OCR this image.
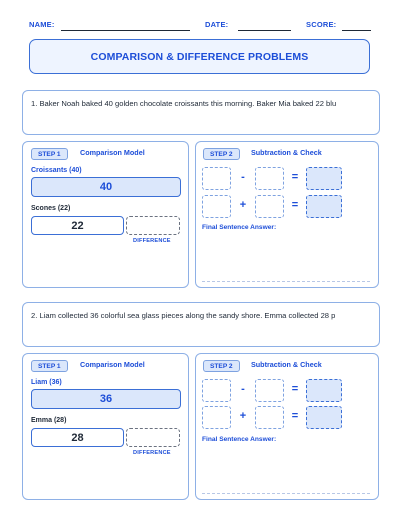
NAME:	DATE:	SCORE:
COMPARISON & DIFFERENCE PROBLEMS
1. Baker Noah baked 40 golden chocolate croissants this morning. Baker Mia baked 22 blu
STEP 1	Comparison Model
Croissants (40)
40
Scones (22)
22
DIFFERENCE
STEP 2	Subtraction & Check
-	=
+	=
Final Sentence Answer:
2. Liam collected 36 colorful sea glass pieces along the sandy shore. Emma collected 28 p
STEP 1	Comparison Model
Liam (36)
36
Emma (28)
28
DIFFERENCE
STEP 2	Subtraction & Check
-	=
+	=
Final Sentence Answer:
